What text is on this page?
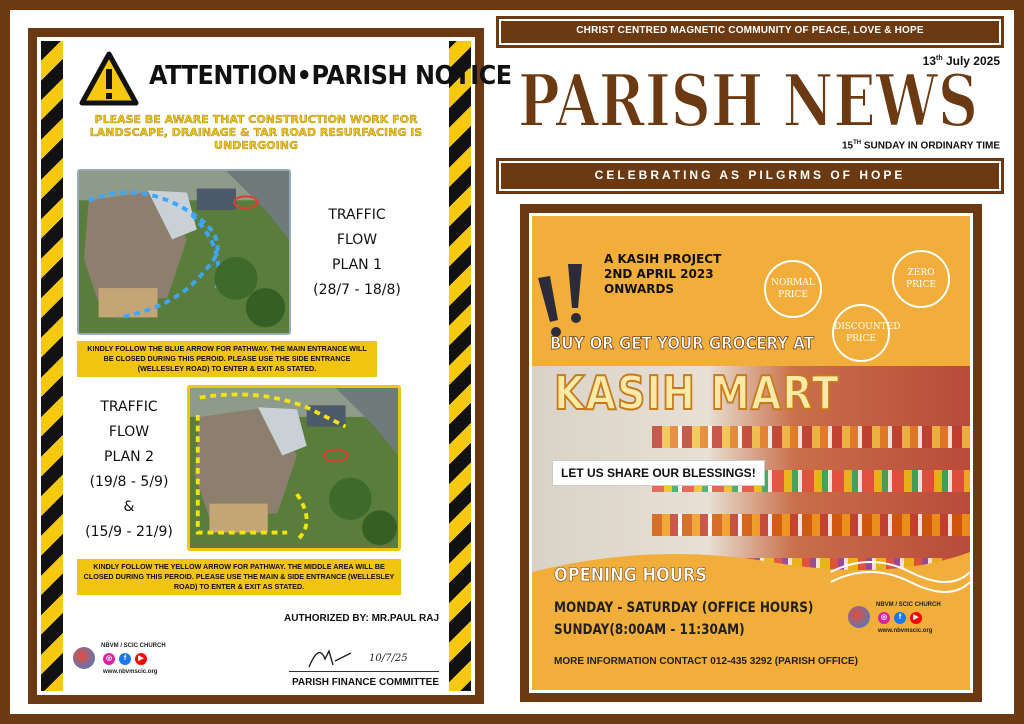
ATTENTION•PARISH NOTICE
PLEASE BE AWARE THAT CONSTRUCTION WORK FOR LANDSCAPE, DRAINAGE & TAR ROAD RESURFACING IS UNDERGOING
TRAFFIC
FLOW
PLAN 1
(28/7 - 18/8)
KINDLY FOLLOW THE BLUE ARROW FOR PATHWAY. THE MAIN ENTRANCE WILL BE CLOSED DURING THIS PEROID. PLEASE USE THE SIDE ENTRANCE (WELLESLEY ROAD) TO ENTER & EXIT AS STATED.
TRAFFIC
FLOW
PLAN 2
(19/8 - 5/9)
&
(15/9 - 21/9)
KINDLY FOLLOW THE YELLOW ARROW FOR PATHWAY. THE MIDDLE AREA WILL BE CLOSED DURING THIS PEROID. PLEASE USE THE MAIN & SIDE ENTRANCE (WELLESLEY ROAD) TO ENTER & EXIT AS STATED.
AUTHORIZED BY: MR.PAUL RAJ
NBVM / SCIC CHURCH
◎	f	▶
www.nbvmscic.org
10/7/25
PARISH FINANCE COMMITTEE
CHRIST CENTRED MAGNETIC COMMUNITY OF PEACE, LOVE & HOPE
13th July 2025
PARISH NEWS
15TH SUNDAY IN ORDINARY TIME
CELEBRATING AS PILGRMS OF HOPE
A KASIH PROJECT
2ND APRIL 2023
ONWARDS	NORMAL
PRICE
DISCOUNTED
PRICE
ZERO
PRICE
BUY OR GET YOUR GROCERY AT
KASIH MART
LET US SHARE OUR BLESSINGS!
OPENING HOURS
MONDAY - SATURDAY (OFFICE HOURS)
SUNDAY(8:00AM - 11:30AM)
MORE INFORMATION CONTACT 012-435 3292 (PARISH OFFICE)
NBVM / SCIC CHURCH
◎	f	▶
www.nbvmscic.org
